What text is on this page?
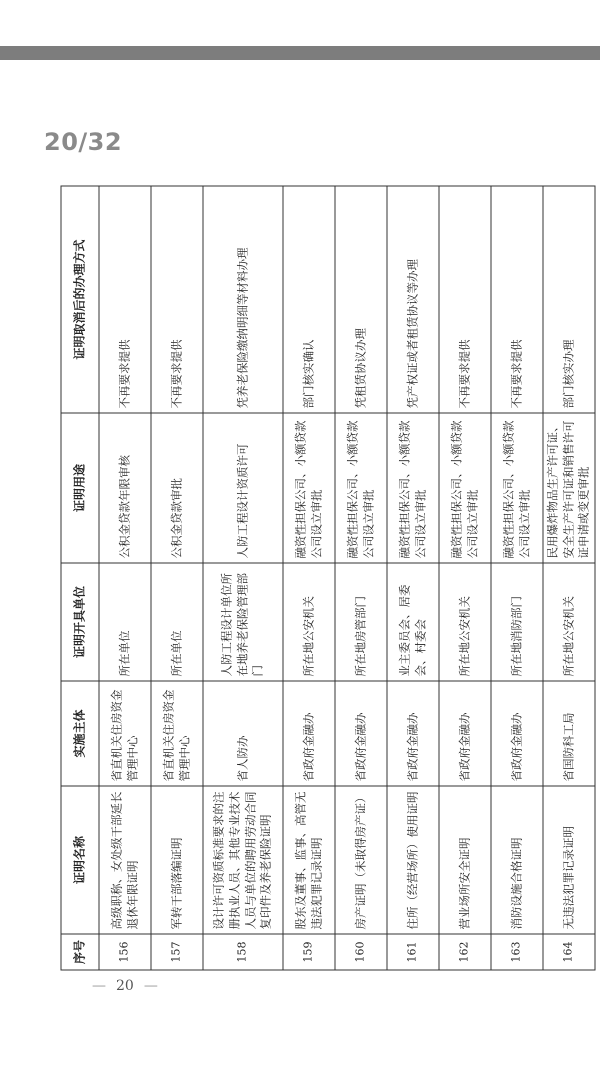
20/32
序号	证明名称	实施主体	证明开具单位	证明用途	证明取消后的办理方式
156	高级职称、女处级干部延长退休年限证明	省直机关住房资金管理中心	所在单位	公积金贷款年限审核	不再要求提供
157	军转干部落编证明	省直机关住房资金管理中心	所在单位	公积金贷款审批	不再要求提供
158	设计许可资质标准要求的注册执业人员、其他专业技术人员与单位的聘用劳动合同复印件及养老保险证明	省人防办	人防工程设计单位所在地养老保险管理部门	人防工程设计资质许可	凭养老保险缴纳明细等材料办理
159	股东及董事、监事、高管无违法犯罪记录证明	省政府金融办	所在地公安机关	融资性担保公司、小额贷款公司设立审批	部门核实确认
160	房产证明（未取得房产证）	省政府金融办	所在地房管部门	融资性担保公司、小额贷款公司设立审批	凭租赁协议办理
161	住所（经营场所）使用证明	省政府金融办	业主委员会、居委会、村委会	融资性担保公司、小额贷款公司设立审批	凭产权证或者租赁协议等办理
162	营业场所安全证明	省政府金融办	所在地公安机关	融资性担保公司、小额贷款公司设立审批	不再要求提供
163	消防设施合格证明	省政府金融办	所在地消防部门	融资性担保公司、小额贷款公司设立审批	不再要求提供
164	无违法犯罪记录证明	省国防科工局	所在地公安机关	民用爆炸物品生产许可证、安全生产许可证和销售许可证申请或变更审批	部门核实办理
— 20 —
